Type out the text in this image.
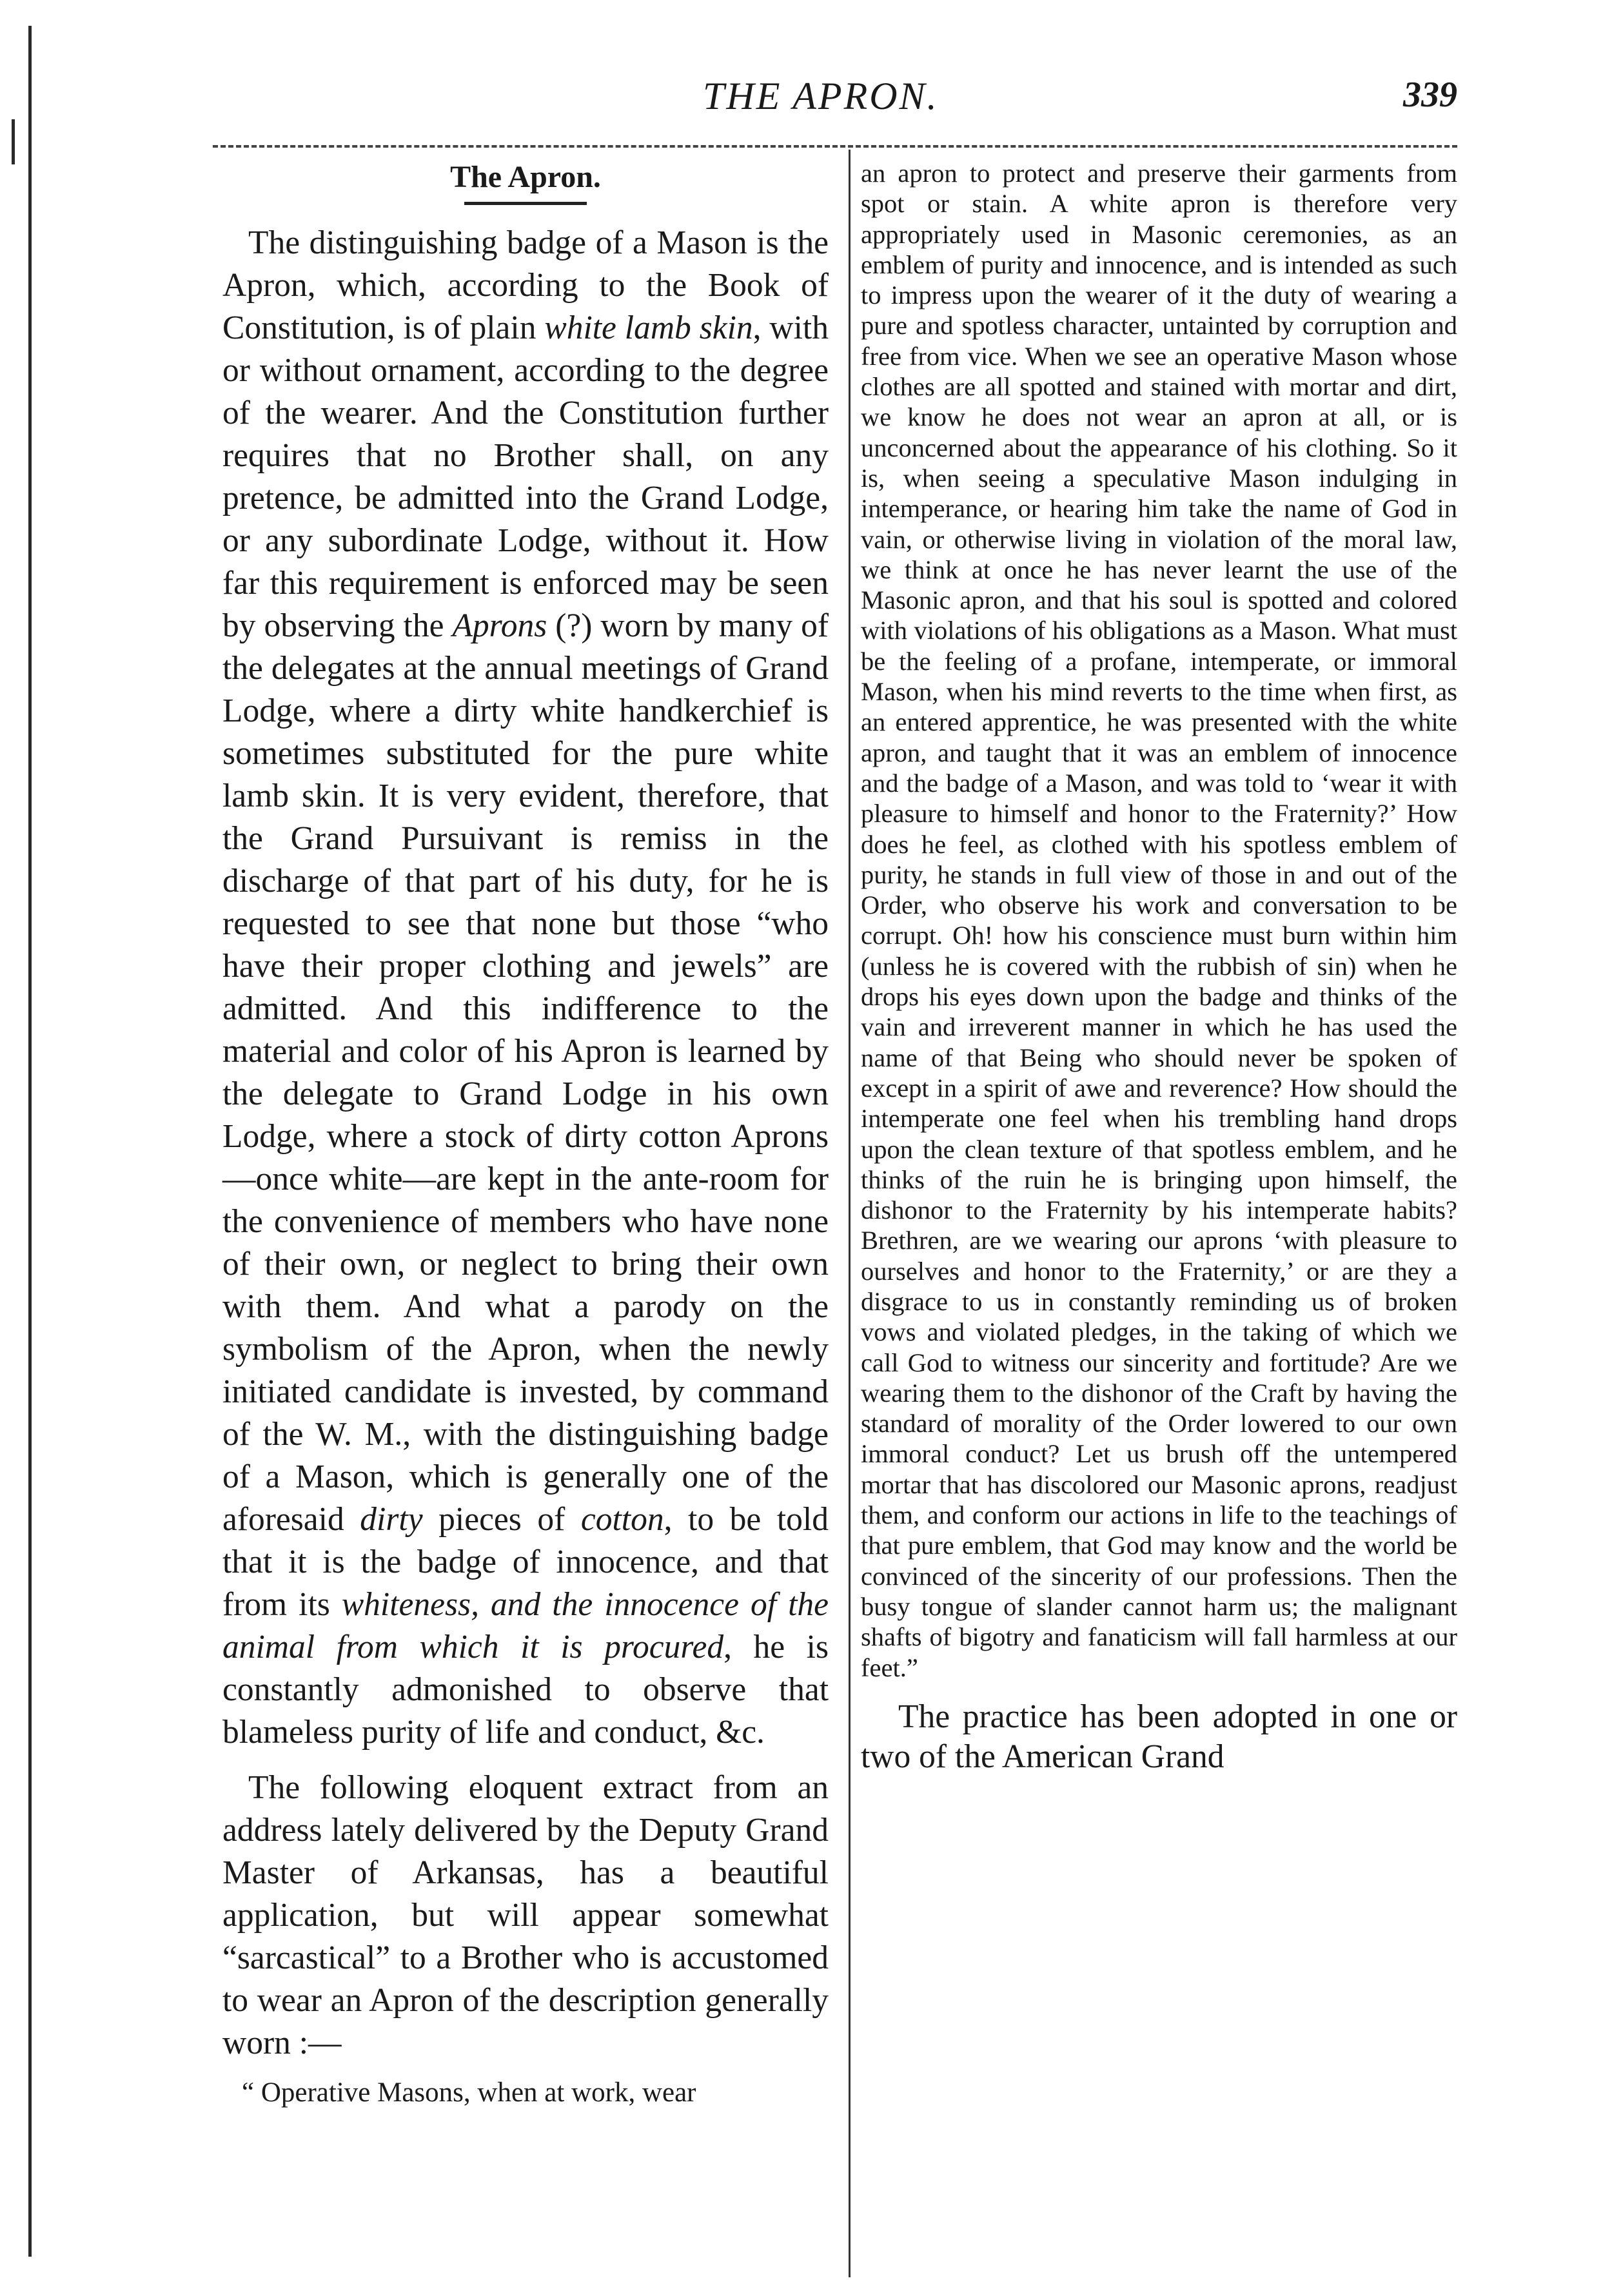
THE APRON.	339
The Apron.

The distinguishing badge of a Mason is the Apron, which, according to the Book of Constitution, is of plain white lamb skin, with or without ornament, according to the degree of the wearer. And the Constitution further requires that no Brother shall, on any pretence, be admitted into the Grand Lodge, or any subordinate Lodge, without it. How far this requirement is enforced may be seen by observing the Aprons (?) worn by many of the delegates at the annual meetings of Grand Lodge, where a dirty white handkerchief is sometimes substituted for the pure white lamb skin. It is very evident, therefore, that the Grand Pursuivant is remiss in the discharge of that part of his duty, for he is requested to see that none but those “who have their proper clothing and jewels” are admitted. And this indifference to the material and color of his Apron is learned by the delegate to Grand Lodge in his own Lodge, where a stock of dirty cotton Aprons—once white—are kept in the ante-room for the convenience of members who have none of their own, or neglect to bring their own with them. And what a parody on the symbolism of the Apron, when the newly initiated candidate is invested, by command of the W. M., with the distinguishing badge of a Mason, which is generally one of the aforesaid dirty pieces of cotton, to be told that it is the badge of innocence, and that from its whiteness, and the innocence of the animal from which it is procured, he is constantly admonished to observe that blameless purity of life and conduct, &c.

The following eloquent extract from an address lately delivered by the Deputy Grand Master of Arkansas, has a beautiful application, but will appear somewhat “sarcastical” to a Brother who is accustomed to wear an Apron of the description generally worn :—

“ Operative Masons, when at work, wear

an apron to protect and preserve their garments from spot or stain. A white apron is therefore very appropriately used in Masonic ceremonies, as an emblem of purity and innocence, and is intended as such to impress upon the wearer of it the duty of wearing a pure and spotless character, untainted by corruption and free from vice. When we see an operative Mason whose clothes are all spotted and stained with mortar and dirt, we know he does not wear an apron at all, or is unconcerned about the appearance of his clothing. So it is, when seeing a speculative Mason indulging in intemperance, or hearing him take the name of God in vain, or otherwise living in violation of the moral law, we think at once he has never learnt the use of the Masonic apron, and that his soul is spotted and colored with violations of his obligations as a Mason. What must be the feeling of a profane, intemperate, or immoral Mason, when his mind reverts to the time when first, as an entered apprentice, he was presented with the white apron, and taught that it was an emblem of innocence and the badge of a Mason, and was told to ‘wear it with pleasure to himself and honor to the Fraternity?’ How does he feel, as clothed with his spotless emblem of purity, he stands in full view of those in and out of the Order, who observe his work and conversation to be corrupt. Oh! how his conscience must burn within him (unless he is covered with the rubbish of sin) when he drops his eyes down upon the badge and thinks of the vain and irreverent manner in which he has used the name of that Being who should never be spoken of except in a spirit of awe and reverence? How should the intemperate one feel when his trembling hand drops upon the clean texture of that spotless emblem, and he thinks of the ruin he is bringing upon himself, the dishonor to the Fraternity by his intemperate habits? Brethren, are we wearing our aprons ‘with pleasure to ourselves and honor to the Fraternity,’ or are they a disgrace to us in constantly reminding us of broken vows and violated pledges, in the taking of which we call God to witness our sincerity and fortitude? Are we wearing them to the dishonor of the Craft by having the standard of morality of the Order lowered to our own immoral conduct? Let us brush off the untempered mortar that has discolored our Masonic aprons, readjust them, and conform our actions in life to the teachings of that pure emblem, that God may know and the world be convinced of the sincerity of our professions. Then the busy tongue of slander cannot harm us; the malignant shafts of bigotry and fanaticism will fall harmless at our feet.”

The practice has been adopted in one or two of the American Grand
